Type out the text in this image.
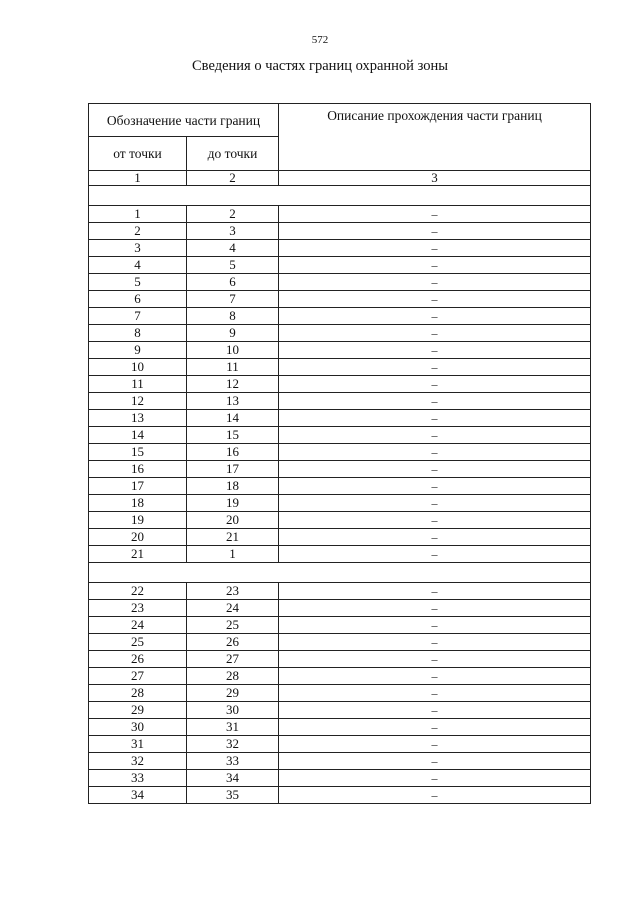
572
Сведения о частях границ охранной зоны
Обозначение части границ		Описание прохождения части границ
от точки	до точки	
1	2	3

1	2	–
2	3	–
3	4	–
4	5	–
5	6	–
6	7	–
7	8	–
8	9	–
9	10	–
10	11	–
11	12	–
12	13	–
13	14	–
14	15	–
15	16	–
16	17	–
17	18	–
18	19	–
19	20	–
20	21	–
21	1	–

22	23	–
23	24	–
24	25	–
25	26	–
26	27	–
27	28	–
28	29	–
29	30	–
30	31	–
31	32	–
32	33	–
33	34	–
34	35	–
